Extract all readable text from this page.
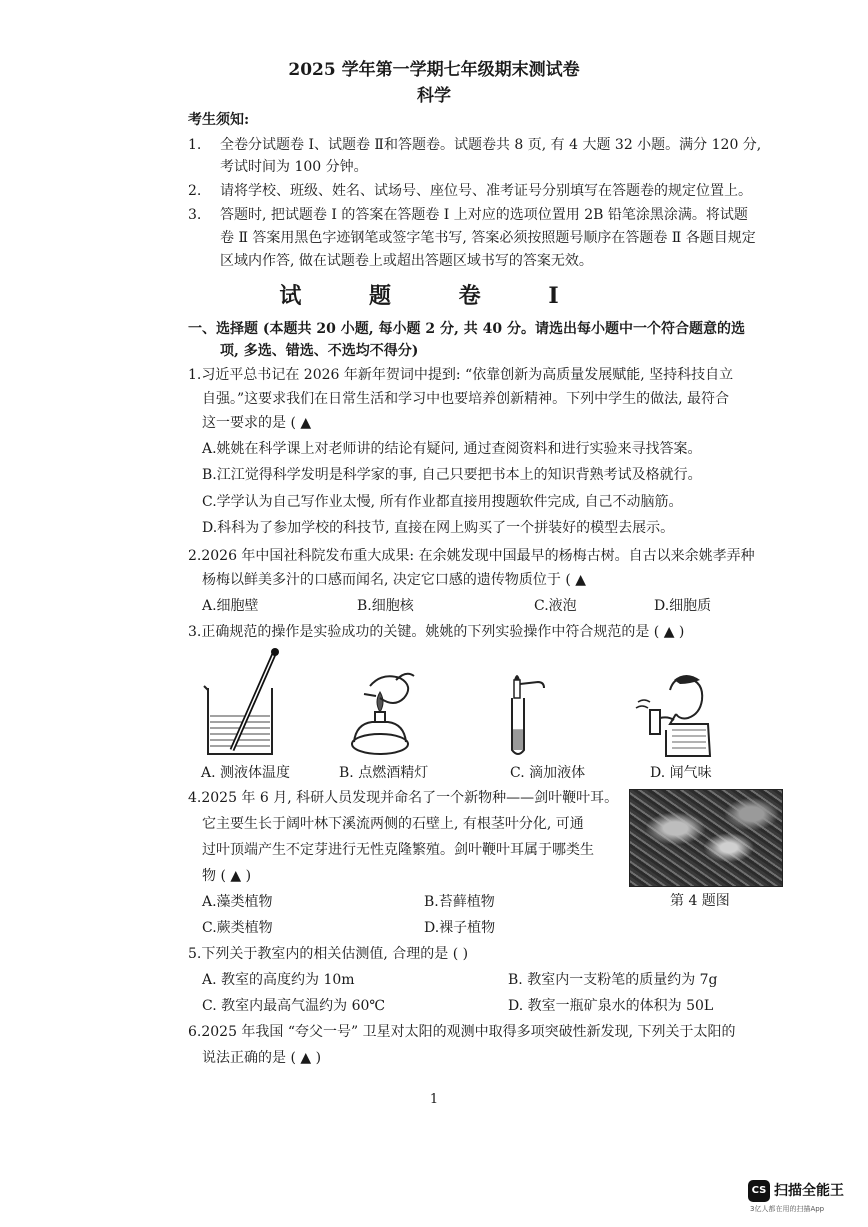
2025 学年第一学期七年级期末测试卷
科学
考生须知:
1. 全卷分试题卷 Ⅰ、试题卷 Ⅱ和答题卷。试题卷共 8 页, 有 4 大题 32 小题。满分 120 分,
考试时间为 100 分钟。
2. 请将学校、班级、姓名、试场号、座位号、准考证号分别填写在答题卷的规定位置上。
3. 答题时, 把试题卷 Ⅰ 的答案在答题卷 Ⅰ 上对应的选项位置用 2B 铅笔涂黑涂满。将试题
卷 Ⅱ 答案用黑色字迹钢笔或签字笔书写, 答案必须按照题号顺序在答题卷 Ⅱ 各题目规定
区域内作答, 做在试题卷上或超出答题区域书写的答案无效。
试 题 卷 Ⅰ
一、选择题 (本题共 20 小题, 每小题 2 分, 共 40 分。请选出每小题中一个符合题意的选
项, 多选、错选、不选均不得分)
1.习近平总书记在 2026 年新年贺词中提到: “依靠创新为高质量发展赋能, 坚持科技自立
自强。”这要求我们在日常生活和学习中也要培养创新精神。下列中学生的做法, 最符合
这一要求的是 ( ▲
A.姚姚在科学课上对老师讲的结论有疑问, 通过查阅资料和进行实验来寻找答案。
B.江江觉得科学发明是科学家的事, 自己只要把书本上的知识背熟考试及格就行。
C.学学认为自己写作业太慢, 所有作业都直接用搜题软件完成, 自己不动脑筋。
D.科科为了参加学校的科技节, 直接在网上购买了一个拼装好的模型去展示。
2.2026 年中国社科院发布重大成果: 在余姚发现中国最早的杨梅古树。自古以来余姚孝弄种
杨梅以鲜美多汁的口感而闻名, 决定它口感的遗传物质位于 ( ▲
A.细胞壁	B.细胞核	C.液泡	D.细胞质
3.正确规范的操作是实验成功的关键。姚姚的下列实验操作中符合规范的是 ( ▲ )
A. 测液体温度	B. 点燃酒精灯	C. 滴加液体	D. 闻气味
4.2025 年 6 月, 科研人员发现并命名了一个新物种——剑叶鞭叶耳。
它主要生长于阔叶林下溪流两侧的石壁上, 有根茎叶分化, 可通
过叶顶端产生不定芽进行无性克隆繁殖。剑叶鞭叶耳属于哪类生
物 ( ▲ )
A.藻类植物	B.苔藓植物
C.蕨类植物	D.裸子植物
第 4 题图
5.下列关于教室内的相关估测值, 合理的是 ( )
A. 教室的高度约为 10m	B. 教室内一支粉笔的质量约为 7g
C. 教室内最高气温约为 60℃	D. 教室一瓶矿泉水的体积为 50L
6.2025 年我国 “夸父一号” 卫星对太阳的观测中取得多项突破性新发现, 下列关于太阳的
说法正确的是 ( ▲ )
1
CS 扫描全能王
3亿人都在用的扫描App
